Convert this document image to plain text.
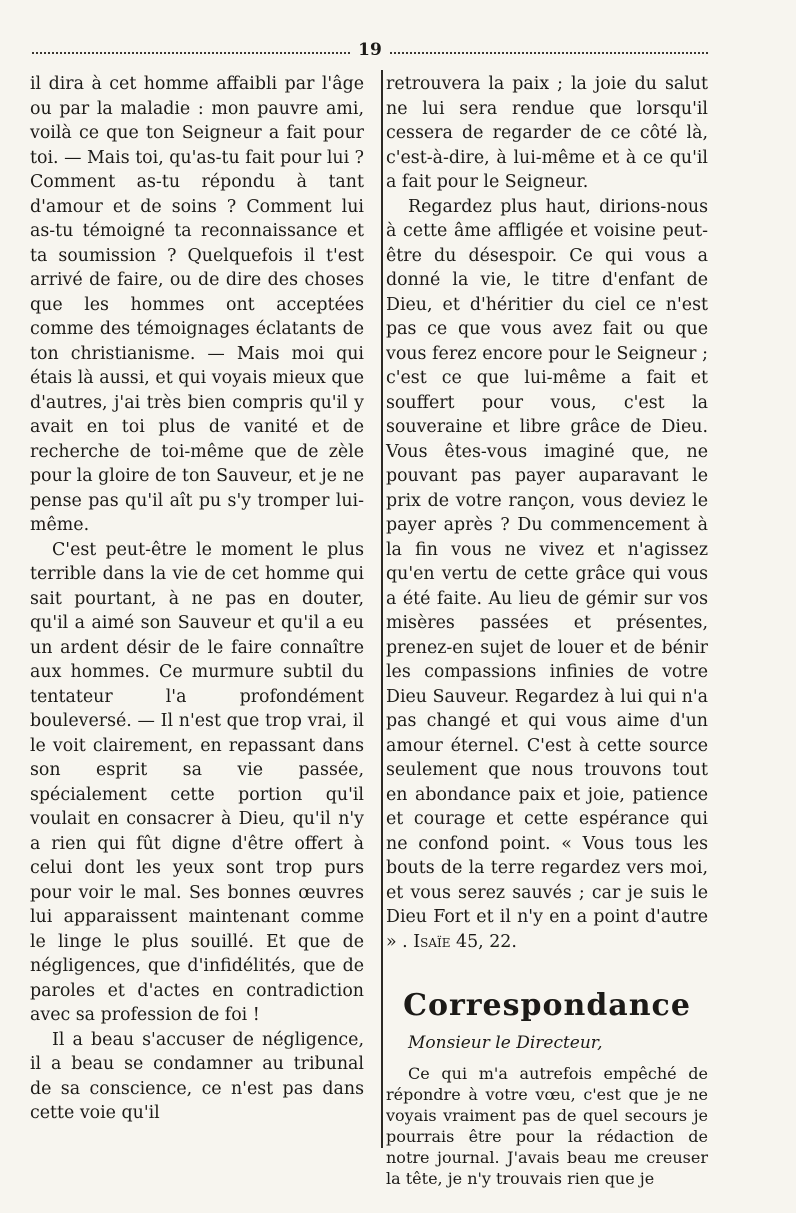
19

il dira à cet homme affaibli par l'âge ou par la maladie : mon pauvre ami, voilà ce que ton Seigneur a fait pour toi. — Mais toi, qu'as-tu fait pour lui ? Comment as-tu répondu à tant d'amour et de soins ? Comment lui as-tu témoigné ta reconnaissance et ta soumission ? Quelquefois il t'est arrivé de faire, ou de dire des choses que les hommes ont acceptées comme des témoignages éclatants de ton christianisme. — Mais moi qui étais là aussi, et qui voyais mieux que d'autres, j'ai très bien compris qu'il y avait en toi plus de vanité et de recherche de toi-même que de zèle pour la gloire de ton Sauveur, et je ne pense pas qu'il aît pu s'y tromper lui-même.

C'est peut-être le moment le plus terrible dans la vie de cet homme qui sait pourtant, à ne pas en douter, qu'il a aimé son Sauveur et qu'il a eu un ardent désir de le faire connaître aux hommes. Ce murmure subtil du tentateur l'a profondément bouleversé. — Il n'est que trop vrai, il le voit clairement, en repassant dans son esprit sa vie passée, spécialement cette portion qu'il voulait en consacrer à Dieu, qu'il n'y a rien qui fût digne d'être offert à celui dont les yeux sont trop purs pour voir le mal. Ses bonnes œuvres lui apparaissent maintenant comme le linge le plus souillé. Et que de négligences, que d'infidélités, que de paroles et d'actes en contradiction avec sa profession de foi !

Il a beau s'accuser de négligence, il a beau se condamner au tribunal de sa conscience, ce n'est pas dans cette voie qu'il

retrouvera la paix ; la joie du salut ne lui sera rendue que lorsqu'il cessera de regarder de ce côté là, c'est-à-dire, à lui-même et à ce qu'il a fait pour le Seigneur.

Regardez plus haut, dirions-nous à cette âme affligée et voisine peut-être du désespoir. Ce qui vous a donné la vie, le titre d'enfant de Dieu, et d'héritier du ciel ce n'est pas ce que vous avez fait ou que vous ferez encore pour le Seigneur ; c'est ce que lui-même a fait et souffert pour vous, c'est la souveraine et libre grâce de Dieu. Vous êtes-vous imaginé que, ne pouvant pas payer auparavant le prix de votre rançon, vous deviez le payer après ? Du commencement à la fin vous ne vivez et n'agissez qu'en vertu de cette grâce qui vous a été faite. Au lieu de gémir sur vos misères passées et présentes, prenez-en sujet de louer et de bénir les compassions infinies de votre Dieu Sauveur. Regardez à lui qui n'a pas changé et qui vous aime d'un amour éternel. C'est à cette source seulement que nous trouvons tout en abondance paix et joie, patience et courage et cette espérance qui ne confond point. « Vous tous les bouts de la terre regardez vers moi, et vous serez sauvés ; car je suis le Dieu Fort et il n'y en a point d'autre » . Isaïe 45, 22.

Correspondance
Monsieur le Directeur,

Ce qui m'a autrefois empêché de répondre à votre vœu, c'est que je ne voyais vraiment pas de quel secours je pourrais être pour la rédaction de notre journal. J'avais beau me creuser la tête, je n'y trouvais rien que je
